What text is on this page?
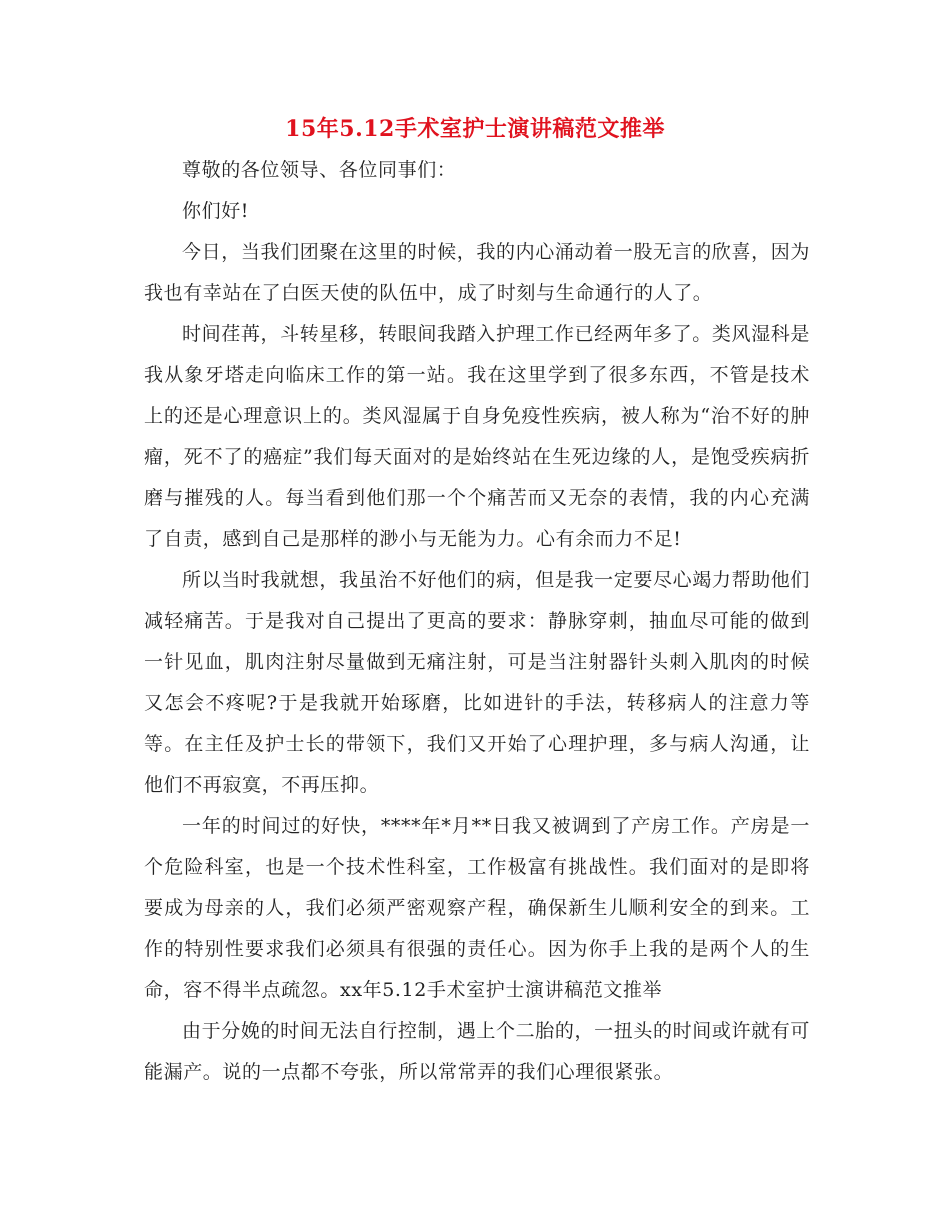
15年5.12手术室护士演讲稿范文推举

尊敬的各位领导、各位同事们：

你们好!

今日，当我们团聚在这里的时候，我的内心涌动着一股无言的欣喜，因为我也有幸站在了白医天使的队伍中，成了时刻与生命通行的人了。

时间荏苒，斗转星移，转眼间我踏入护理工作已经两年多了。类风湿科是我从象牙塔走向临床工作的第一站。我在这里学到了很多东西，不管是技术上的还是心理意识上的。类风湿属于自身免疫性疾病，被人称为“治不好的肿瘤，死不了的癌症”我们每天面对的是始终站在生死边缘的人，是饱受疾病折磨与摧残的人。每当看到他们那一个个痛苦而又无奈的表情，我的内心充满了自责，感到自己是那样的渺小与无能为力。心有余而力不足!

所以当时我就想，我虽治不好他们的病，但是我一定要尽心竭力帮助他们减轻痛苦。于是我对自己提出了更高的要求：静脉穿刺，抽血尽可能的做到一针见血，肌肉注射尽量做到无痛注射，可是当注射器针头刺入肌肉的时候又怎会不疼呢?于是我就开始琢磨，比如进针的手法，转移病人的注意力等等。在主任及护士长的带领下，我们又开始了心理护理，多与病人沟通，让他们不再寂寞，不再压抑。

一年的时间过的好快，****年*月**日我又被调到了产房工作。产房是一个危险科室，也是一个技术性科室，工作极富有挑战性。我们面对的是即将要成为母亲的人，我们必须严密观察产程，确保新生儿顺利安全的到来。工作的特别性要求我们必须具有很强的责任心。因为你手上我的是两个人的生命，容不得半点疏忽。xx年5.12手术室护士演讲稿范文推举

由于分娩的时间无法自行控制，遇上个二胎的，一扭头的时间或许就有可能漏产。说的一点都不夸张，所以常常弄的我们心理很紧张。
